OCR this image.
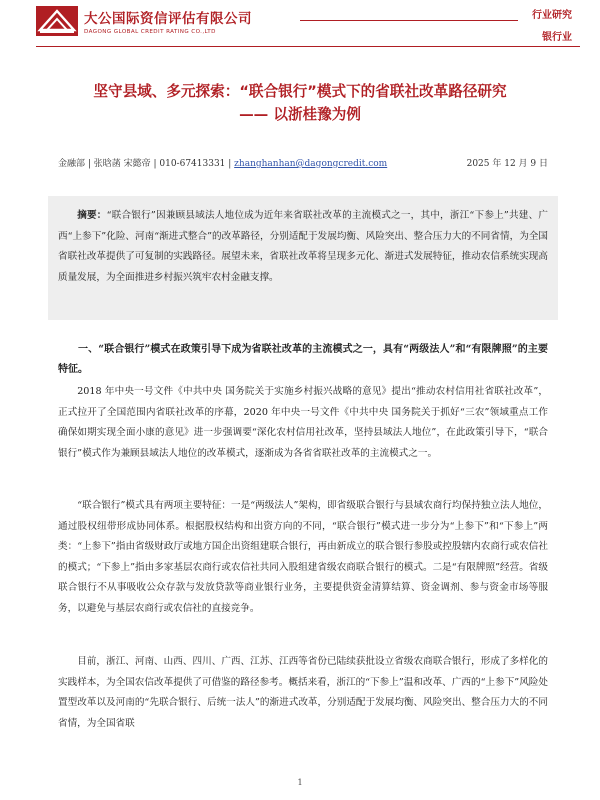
大公国际资信评估有限公司
DAGONG GLOBAL CREDIT RATING CO.,LTD
行业研究
银行业
坚守县域、多元探索：“联合银行”模式下的省联社改革路径研究
—— 以浙桂豫为例
金融部 | 张晗菡 宋懿帝 | 010-67413331 | zhanghanhan@dagongcredit.com	2025 年 12 月 9 日

摘要：“联合银行”因兼顾县域法人地位成为近年来省联社改革的主流模式之一，其中，浙江“下参上”共建、广西“上参下”化险、河南“渐进式整合”的改革路径，分别适配于发展均衡、风险突出、整合压力大的不同省情，为全国省联社改革提供了可复制的实践路径。展望未来，省联社改革将呈现多元化、渐进式发展特征，推动农信系统实现高质量发展，为全面推进乡村振兴筑牢农村金融支撑。

一、“联合银行”模式在政策引导下成为省联社改革的主流模式之一，具有“两级法人”和“有限牌照”的主要特征。

2018 年中央一号文件《中共中央 国务院关于实施乡村振兴战略的意见》提出“推动农村信用社省联社改革”，正式拉开了全国范围内省联社改革的序幕，2020 年中央一号文件《中共中央 国务院关于抓好“三农”领域重点工作确保如期实现全面小康的意见》进一步强调要“深化农村信用社改革，坚持县域法人地位”，在此政策引导下，“联合银行”模式作为兼顾县域法人地位的改革模式，逐渐成为各省省联社改革的主流模式之一。

“联合银行”模式具有两项主要特征：一是“两级法人”架构，即省级联合银行与县域农商行均保持独立法人地位，通过股权纽带形成协同体系。根据股权结构和出资方向的不同，“联合银行”模式进一步分为“上参下”和“下参上”两类：“上参下”指由省级财政厅或地方国企出资组建联合银行，再由新成立的联合银行参股或控股辖内农商行或农信社的模式；“下参上”指由多家基层农商行或农信社共同入股组建省级农商联合银行的模式。二是“有限牌照”经营。省级联合银行不从事吸收公众存款与发放贷款等商业银行业务，主要提供资金清算结算、资金调剂、参与资金市场等服务，以避免与基层农商行或农信社的直接竞争。

目前，浙江、河南、山西、四川、广西、江苏、江西等省份已陆续获批设立省级农商联合银行，形成了多样化的实践样本，为全国农信改革提供了可借鉴的路径参考。概括来看，浙江的“下参上”温和改革、广西的“上参下”风险处置型改革以及河南的“先联合银行、后统一法人”的渐进式改革，分别适配于发展均衡、风险突出、整合压力大的不同省情，为全国省联

1
